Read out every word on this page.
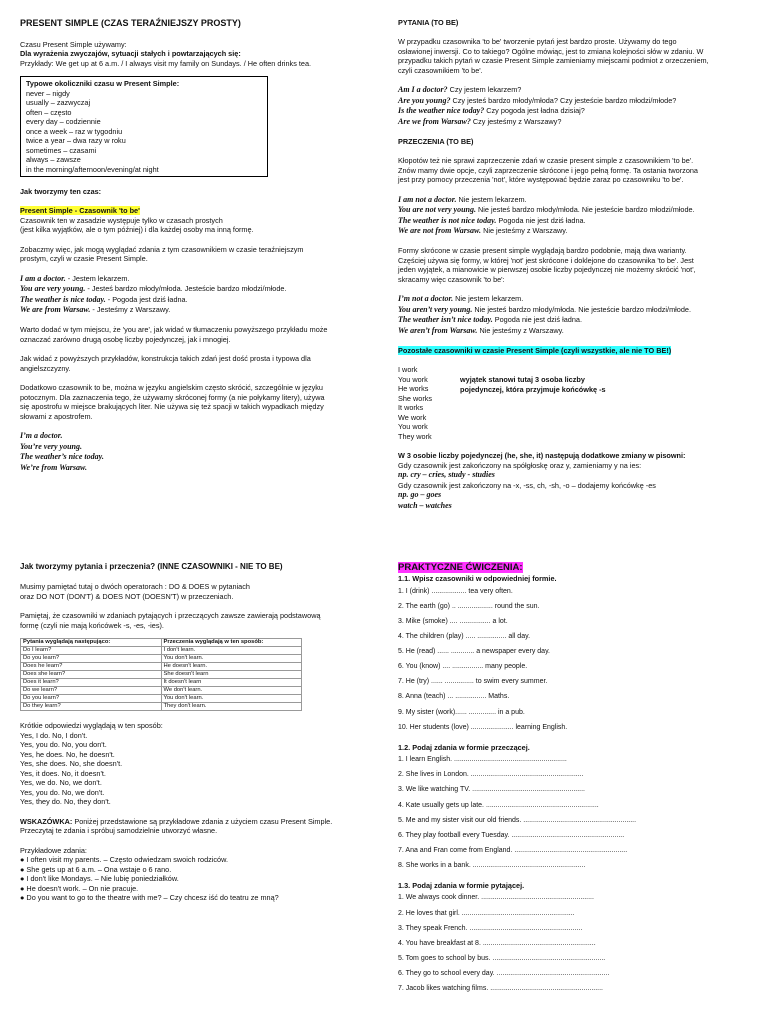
PRESENT SIMPLE (CZAS TERAŹNIEJSZY PROSTY)

Czasu Present Simple używamy:

Dla wyrażenia zwyczajów, sytuacji stałych i powtarzających się:

Przykłady: We get up at 6 a.m. / I always visit my family on Sundays. / He often drinks tea.

Typowe okoliczniki czasu w Present Simple:

never – nigdy

usually – zazwyczaj

often – często

every day – codziennie

once a week – raz w tygodniu

twice a year – dwa razy w roku

sometimes – czasami

always – zawsze

in the morning/afternoon/evening/at night

Jak tworzymy ten czas:

Present Simple - Czasownik 'to be'

Czasownik ten w zasadzie występuje tylko w czasach prostych

(jest kilka wyjątków, ale o tym później) i dla każdej osoby ma inną formę.

Zobaczmy więc, jak mogą wyglądać zdania z tym czasownikiem w czasie teraźniejszym

prostym, czyli w czasie Present Simple.

I am a doctor. - Jestem lekarzem.

You are very young. - Jesteś bardzo młody/młoda. Jesteście bardzo młodzi/młode.

The weather is nice today. - Pogoda jest dziś ładna.

We are from Warsaw. - Jesteśmy z Warszawy.

Warto dodać w tym miejscu, że 'you are', jak widać w tłumaczeniu powyższego przykładu może

oznaczać zarówno drugą osobę liczby pojedynczej, jak i mnogiej.

Jak widać z powyższych przykładów, konstrukcja takich zdań jest dość prosta i typowa dla

angielszczyzny.

Dodatkowo czasownik to be, można w języku angielskim często skrócić, szczególnie w języku

potocznym. Dla zaznaczenia tego, że używamy skróconej formy (a nie połykamy litery), używa

się apostrofu w miejsce brakujących liter. Nie używa się też spacji w takich wypadkach między

słowami z apostrofem.

I’m a doctor.

You’re very young.

The weather’s nice today.

We’re from Warsaw.

PYTANIA (TO BE)

W przypadku czasownika 'to be' tworzenie pytań jest bardzo proste. Używamy do tego

osławionej inwersji. Co to takiego? Ogólne mówiąc, jest to zmiana kolejności słów w zdaniu. W

przypadku takich pytań w czasie Present Simple zamieniamy miejscami podmiot z orzeczeniem,

czyli czasownikiem 'to be'.

Am I a doctor? Czy jestem lekarzem?

Are you young? Czy jesteś bardzo młody/młoda? Czy jesteście bardzo młodzi/młode?

Is the weather nice today? Czy pogoda jest ładna dzisiaj?

Are we from Warsaw? Czy jesteśmy z Warszawy?

PRZECZENIA (TO BE)

Kłopotów też nie sprawi zaprzeczenie zdań w czasie present simple z czasownikiem 'to be'.

Znów mamy dwie opcje, czyli zaprzeczenie skrócone i jego pełną formę. Ta ostania tworzona

jest przy pomocy przeczenia 'not', które występować będzie zaraz po czasowniku 'to be'.

I am not a doctor. Nie jestem lekarzem.

You are not very young. Nie jesteś bardzo młody/młoda. Nie jesteście bardzo młodzi/młode.

The weather is not nice today. Pogoda nie jest dziś ładna.

We are not from Warsaw. Nie jesteśmy z Warszawy.

Formy skrócone w czasie present simple wyglądają bardzo podobnie, mają dwa warianty.

Częściej używa się formy, w której 'not' jest skrócone i doklejone do czasownika 'to be'. Jest

jeden wyjątek, a mianowicie w pierwszej osobie liczby pojedynczej nie możemy skrócić 'not',

skracamy więc czasownik 'to be':

I’m not a doctor. Nie jestem lekarzem.

You aren’t very young. Nie jesteś bardzo młody/młoda. Nie jesteście bardzo młodzi/młode.

The weather isn’t nice today. Pogoda nie jest dziś ładna.

We aren’t from Warsaw. Nie jesteśmy z Warszawy.

Pozostałe czasowniki w czasie Present Simple (czyli wszystkie, ale nie TO BE!)

I work

You work

He works

She works

It works

We work

You work

They work

wyjątek stanowi tutaj 3 osoba liczby

pojedynczej, która przyjmuje końcówkę -s

W 3 osobie liczby pojedynczej (he, she, it) następują dodatkowe zmiany w pisowni:

Gdy czasownik jest zakończony na spółgłoskę oraz y, zamieniamy y na ies:

np. cry – cries, study - studies

Gdy czasownik jest zakończony na -x, -ss, ch, -sh, -o – dodajemy końcówkę -es

np. go – goes

watch – watches

Jak tworzymy pytania i przeczenia? (INNE CZASOWNIKI - NIE TO BE)

Musimy pamiętać tutaj o dwóch operatorach : DO & DOES w pytaniach

oraz DO NOT (DON'T) & DOES NOT (DOESN'T) w przeczeniach.

Pamiętaj, że czasowniki w zdaniach pytających i przeczących zawsze zawierają podstawową

formę (czyli nie mają końcówek -s, -es, -ies).

Pytania wyglądają następująco:	Przeczenia wyglądają w ten sposób:
Do I learn?	I don't learn.
Do you learn?	You don't learn.
Does he learn?	He doesn't learn.
Does she learn?	She doesn't learn
Does it learn?	It doesn't learn
Do we learn?	We don't learn.
Do you learn?	You don't learn.
Do they learn?	They don't learn.

Krótkie odpowiedzi wyglądają w ten sposób:

Yes, I do. No, I don't.

Yes, you do. No, you don't.

Yes, he does. No, he doesn't.

Yes, she does. No, she doesn't.

Yes, it does. No, it doesn't.

Yes, we do. No, we don't.

Yes, you do. No, we don't.

Yes, they do. No, they don't.

WSKAZÓWKA: Poniżej przedstawione są przykładowe zdania z użyciem czasu Present Simple.

Przeczytaj te zdania i spróbuj samodzielnie utworzyć własne.

Przykładowe zdania:

● I often visit my parents. – Często odwiedzam swoich rodziców.

● She gets up at 6 a.m. – Ona wstaje o 6 rano.

● I don't like Mondays. – Nie lubię poniedziałków.

● He doesn't work. – On nie pracuje.

● Do you want to go to the theatre with me? – Czy chcesz iść do teatru ze mną?

PRAKTYCZNE ĆWICZENIA:

1.1. Wpisz czasowniki w odpowiedniej formie.

1. I (drink) .................. tea very often.

2. The earth (go) .. .................. round the sun.

3. Mike (smoke) .... ................ a lot.

4. The children (play) ..... ............... all day.

5. He (read) ...... ............ a newspaper every day.

6. You (know) .... ................ many people.

7. He (try) ...... ............... to swim every summer.

8. Anna (teach) ... ................ Maths.

9. My sister (work)...... .............. in a pub.

10. Her students (love) ...................... learning English.

1.2. Podaj zdania w formie przeczącej.

1. I learn English. ..........................................................

2. She lives in London. ..........................................................

3. We like watching TV. ..........................................................

4. Kate usually gets up late. ..........................................................

5. Me and my sister visit our old friends. ..........................................................

6. They play football every Tuesday. ..........................................................

7. Ana and Fran come from England. ..........................................................

8. She works in a bank. ..........................................................

1.3. Podaj zdania w formie pytającej.

1. We always cook dinner. ..........................................................

2. He loves that girl. ..........................................................

3. They speak French. ..........................................................

4. You have breakfast at 8. ..........................................................

5. Tom goes to school by bus. ..........................................................

6. They go to school every day. ..........................................................

7. Jacob likes watching films. ..........................................................
